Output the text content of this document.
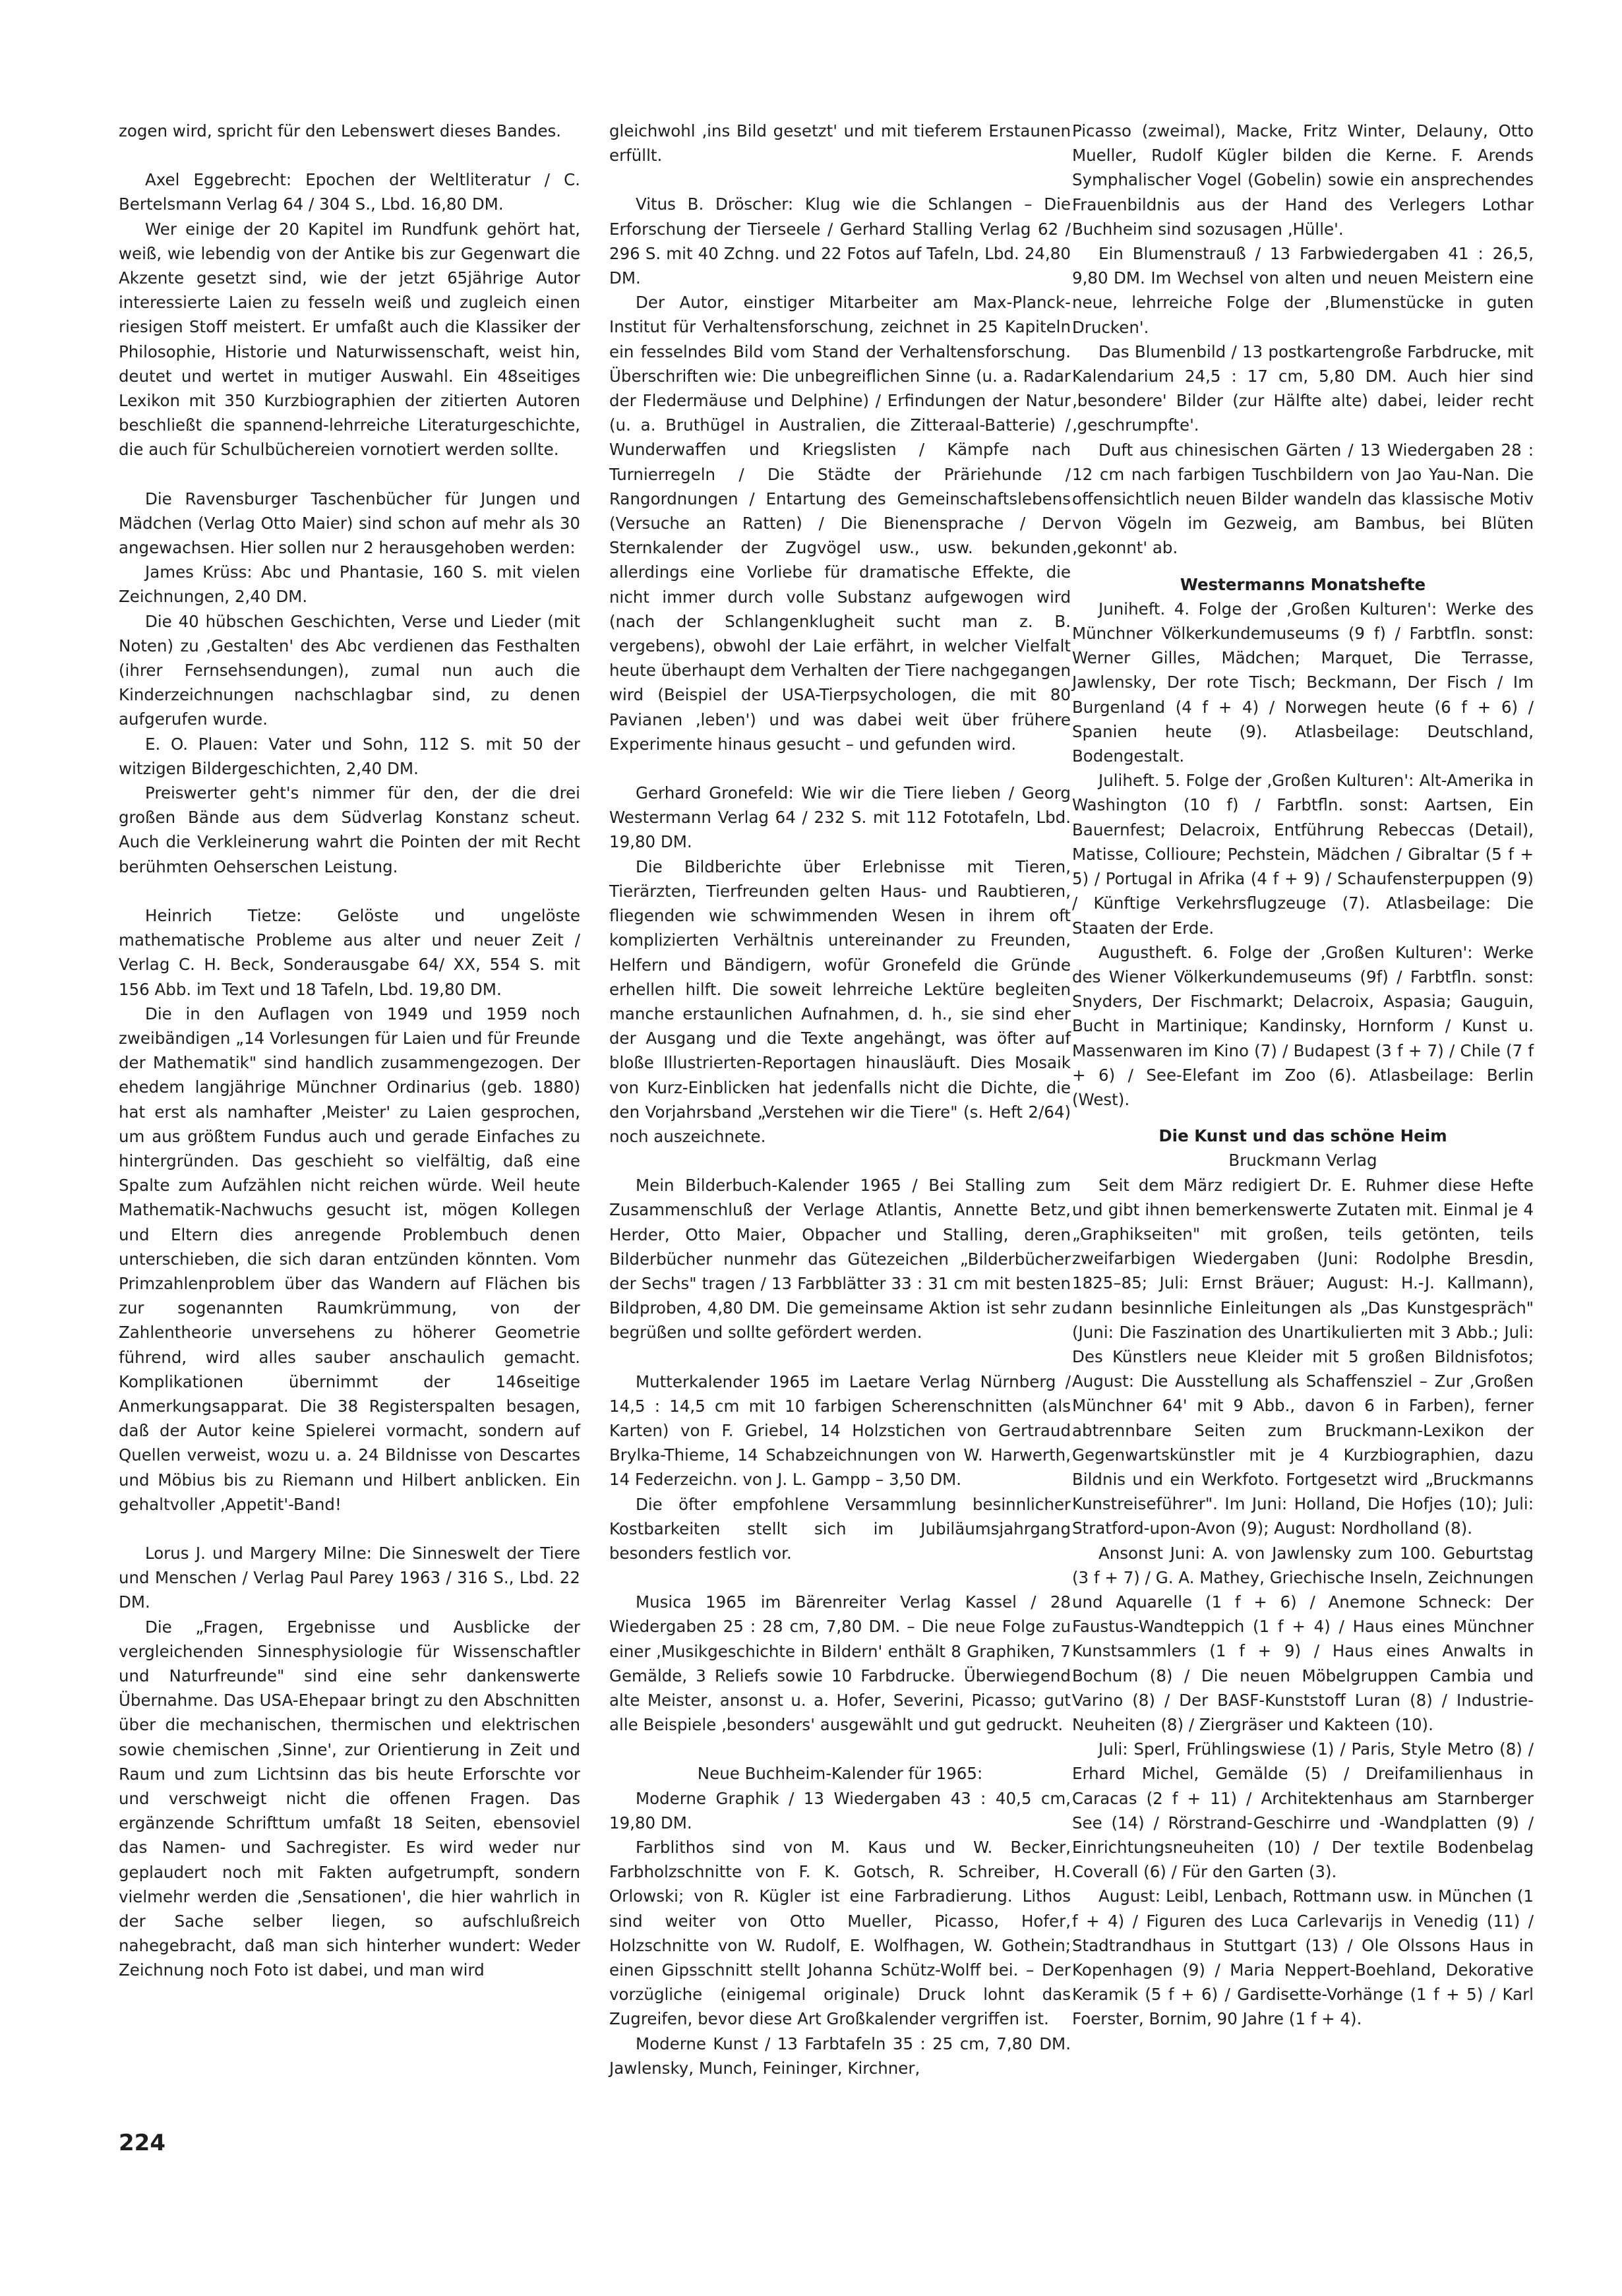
zogen wird, spricht für den Lebenswert dieses Bandes.

Axel Eggebrecht: Epochen der Weltliteratur / C. Bertelsmann Verlag 64 / 304 S., Lbd. 16,80 DM.

Wer einige der 20 Kapitel im Rundfunk gehört hat, weiß, wie lebendig von der Antike bis zur Gegenwart die Akzente gesetzt sind, wie der jetzt 65jährige Autor interessierte Laien zu fesseln weiß und zugleich einen riesigen Stoff meistert. Er umfaßt auch die Klassiker der Philosophie, Historie und Naturwissenschaft, weist hin, deutet und wertet in mutiger Auswahl. Ein 48seitiges Lexikon mit 350 Kurzbiographien der zitierten Autoren beschließt die spannend-lehrreiche Literaturgeschichte, die auch für Schulbüchereien vornotiert werden sollte.

Die Ravensburger Taschenbücher für Jungen und Mädchen (Verlag Otto Maier) sind schon auf mehr als 30 angewachsen. Hier sollen nur 2 herausgehoben werden:

James Krüss: Abc und Phantasie, 160 S. mit vielen Zeichnungen, 2,40 DM.

Die 40 hübschen Geschichten, Verse und Lieder (mit Noten) zu ‚Gestalten' des Abc verdienen das Festhalten (ihrer Fernsehsendungen), zumal nun auch die Kinderzeichnungen nachschlagbar sind, zu denen aufgerufen wurde.

E. O. Plauen: Vater und Sohn, 112 S. mit 50 der witzigen Bildergeschichten, 2,40 DM.

Preiswerter geht's nimmer für den, der die drei großen Bände aus dem Südverlag Konstanz scheut. Auch die Verkleinerung wahrt die Pointen der mit Recht berühmten Oehserschen Leistung.

Heinrich Tietze: Gelöste und ungelöste mathematische Probleme aus alter und neuer Zeit / Verlag C. H. Beck, Sonderausgabe 64/ XX, 554 S. mit 156 Abb. im Text und 18 Tafeln, Lbd. 19,80 DM.

Die in den Auflagen von 1949 und 1959 noch zweibändigen „14 Vorlesungen für Laien und für Freunde der Mathematik" sind handlich zusammengezogen. Der ehedem langjährige Münchner Ordinarius (geb. 1880) hat erst als namhafter ‚Meister' zu Laien gesprochen, um aus größtem Fundus auch und gerade Einfaches zu hintergründen. Das geschieht so vielfältig, daß eine Spalte zum Aufzählen nicht reichen würde. Weil heute Mathematik-Nachwuchs gesucht ist, mögen Kollegen und Eltern dies anregende Problembuch denen unterschieben, die sich daran entzünden könnten. Vom Primzahlenproblem über das Wandern auf Flächen bis zur sogenannten Raumkrümmung, von der Zahlentheorie unversehens zu höherer Geometrie führend, wird alles sauber anschaulich gemacht. Komplikationen übernimmt der 146seitige Anmerkungsapparat. Die 38 Registerspalten besagen, daß der Autor keine Spielerei vormacht, sondern auf Quellen verweist, wozu u. a. 24 Bildnisse von Descartes und Möbius bis zu Riemann und Hilbert anblicken. Ein gehaltvoller ‚Appetit'-Band!

Lorus J. und Margery Milne: Die Sinneswelt der Tiere und Menschen / Verlag Paul Parey 1963 / 316 S., Lbd. 22 DM.

Die „Fragen, Ergebnisse und Ausblicke der vergleichenden Sinnesphysiologie für Wissenschaftler und Naturfreunde" sind eine sehr dankenswerte Übernahme. Das USA-Ehepaar bringt zu den Abschnitten über die mechanischen, thermischen und elektrischen sowie chemischen ‚Sinne', zur Orientierung in Zeit und Raum und zum Lichtsinn das bis heute Erforschte vor und verschweigt nicht die offenen Fragen. Das ergänzende Schrifttum umfaßt 18 Seiten, ebensoviel das Namen- und Sachregister. Es wird weder nur geplaudert noch mit Fakten aufgetrumpft, sondern vielmehr werden die ‚Sensationen', die hier wahrlich in der Sache selber liegen, so aufschlußreich nahegebracht, daß man sich hinterher wundert: Weder Zeichnung noch Foto ist dabei, und man wird

gleichwohl ‚ins Bild gesetzt' und mit tieferem Erstaunen erfüllt.

Vitus B. Dröscher: Klug wie die Schlangen – Die Erforschung der Tierseele / Gerhard Stalling Verlag 62 / 296 S. mit 40 Zchng. und 22 Fotos auf Tafeln, Lbd. 24,80 DM.

Der Autor, einstiger Mitarbeiter am Max-Planck-Institut für Verhaltensforschung, zeichnet in 25 Kapiteln ein fesselndes Bild vom Stand der Verhaltensforschung. Überschriften wie: Die unbegreiflichen Sinne (u. a. Radar der Fledermäuse und Delphine) / Erfindungen der Natur (u. a. Bruthügel in Australien, die Zitteraal-Batterie) / Wunderwaffen und Kriegslisten / Kämpfe nach Turnierregeln / Die Städte der Präriehunde / Rangordnungen / Entartung des Gemeinschaftslebens (Versuche an Ratten) / Die Bienensprache / Der Sternkalender der Zugvögel usw., usw. bekunden allerdings eine Vorliebe für dramatische Effekte, die nicht immer durch volle Substanz aufgewogen wird (nach der Schlangenklugheit sucht man z. B. vergebens), obwohl der Laie erfährt, in welcher Vielfalt heute überhaupt dem Verhalten der Tiere nachgegangen wird (Beispiel der USA-Tierpsychologen, die mit 80 Pavianen ‚leben') und was dabei weit über frühere Experimente hinaus gesucht – und gefunden wird.

Gerhard Gronefeld: Wie wir die Tiere lieben / Georg Westermann Verlag 64 / 232 S. mit 112 Fototafeln, Lbd. 19,80 DM.

Die Bildberichte über Erlebnisse mit Tieren, Tierärzten, Tierfreunden gelten Haus- und Raubtieren, fliegenden wie schwimmenden Wesen in ihrem oft komplizierten Verhältnis untereinander zu Freunden, Helfern und Bändigern, wofür Gronefeld die Gründe erhellen hilft. Die soweit lehrreiche Lektüre begleiten manche erstaunlichen Aufnahmen, d. h., sie sind eher der Ausgang und die Texte angehängt, was öfter auf bloße Illustrierten-Reportagen hinausläuft. Dies Mosaik von Kurz-Einblicken hat jedenfalls nicht die Dichte, die den Vorjahrsband „Verstehen wir die Tiere" (s. Heft 2/64) noch auszeichnete.

Mein Bilderbuch-Kalender 1965 / Bei Stalling zum Zusammenschluß der Verlage Atlantis, Annette Betz, Herder, Otto Maier, Obpacher und Stalling, deren Bilderbücher nunmehr das Gütezeichen „Bilderbücher der Sechs" tragen / 13 Farbblätter 33 : 31 cm mit besten Bildproben, 4,80 DM. Die gemeinsame Aktion ist sehr zu begrüßen und sollte gefördert werden.

Mutterkalender 1965 im Laetare Verlag Nürnberg / 14,5 : 14,5 cm mit 10 farbigen Scherenschnitten (als Karten) von F. Griebel, 14 Holzstichen von Gertraud Brylka-Thieme, 14 Schabzeichnungen von W. Harwerth, 14 Federzeichn. von J. L. Gampp – 3,50 DM.

Die öfter empfohlene Versammlung besinnlicher Kostbarkeiten stellt sich im Jubiläumsjahrgang besonders festlich vor.

Musica 1965 im Bärenreiter Verlag Kassel / 28 Wiedergaben 25 : 28 cm, 7,80 DM. – Die neue Folge zu einer ‚Musikgeschichte in Bildern' enthält 8 Graphiken, 7 Gemälde, 3 Reliefs sowie 10 Farbdrucke. Überwiegend alte Meister, ansonst u. a. Hofer, Severini, Picasso; gut alle Beispiele ‚besonders' ausgewählt und gut gedruckt.

Neue Buchheim-Kalender für 1965:

Moderne Graphik / 13 Wiedergaben 43 : 40,5 cm, 19,80 DM.

Farblithos sind von M. Kaus und W. Becker, Farbholzschnitte von F. K. Gotsch, R. Schreiber, H. Orlowski; von R. Kügler ist eine Farbradierung. Lithos sind weiter von Otto Mueller, Picasso, Hofer, Holzschnitte von W. Rudolf, E. Wolfhagen, W. Gothein; einen Gipsschnitt stellt Johanna Schütz-Wolff bei. – Der vorzügliche (einigemal originale) Druck lohnt das Zugreifen, bevor diese Art Großkalender vergriffen ist.

Moderne Kunst / 13 Farbtafeln 35 : 25 cm, 7,80 DM. Jawlensky, Munch, Feininger, Kirchner,

Picasso (zweimal), Macke, Fritz Winter, Delauny, Otto Mueller, Rudolf Kügler bilden die Kerne. F. Arends Symphalischer Vogel (Gobelin) sowie ein ansprechendes Frauenbildnis aus der Hand des Verlegers Lothar Buchheim sind sozusagen ‚Hülle'.

Ein Blumenstrauß / 13 Farbwiedergaben 41 : 26,5, 9,80 DM. Im Wechsel von alten und neuen Meistern eine neue, lehrreiche Folge der ‚Blumenstücke in guten Drucken'.

Das Blumenbild / 13 postkartengroße Farbdrucke, mit Kalendarium 24,5 : 17 cm, 5,80 DM. Auch hier sind ‚besondere' Bilder (zur Hälfte alte) dabei, leider recht ‚geschrumpfte'.

Duft aus chinesischen Gärten / 13 Wiedergaben 28 : 12 cm nach farbigen Tuschbildern von Jao Yau-Nan. Die offensichtlich neuen Bilder wandeln das klassische Motiv von Vögeln im Gezweig, am Bambus, bei Blüten ‚gekonnt' ab.

Westermanns Monatshefte

Juniheft. 4. Folge der ‚Großen Kulturen': Werke des Münchner Völkerkundemuseums (9 f) / Farbtfln. sonst: Werner Gilles, Mädchen; Marquet, Die Terrasse, Jawlensky, Der rote Tisch; Beckmann, Der Fisch / Im Burgenland (4 f + 4) / Norwegen heute (6 f + 6) / Spanien heute (9). Atlasbeilage: Deutschland, Bodengestalt.

Juliheft. 5. Folge der ‚Großen Kulturen': Alt-Amerika in Washington (10 f) / Farbtfln. sonst: Aartsen, Ein Bauernfest; Delacroix, Entführung Rebeccas (Detail), Matisse, Collioure; Pechstein, Mädchen / Gibraltar (5 f + 5) / Portugal in Afrika (4 f + 9) / Schaufensterpuppen (9) / Künftige Verkehrsflugzeuge (7). Atlasbeilage: Die Staaten der Erde.

Augustheft. 6. Folge der ‚Großen Kulturen': Werke des Wiener Völkerkundemuseums (9f) / Farbtfln. sonst: Snyders, Der Fischmarkt; Delacroix, Aspasia; Gauguin, Bucht in Martinique; Kandinsky, Hornform / Kunst u. Massenwaren im Kino (7) / Budapest (3 f + 7) / Chile (7 f + 6) / See-Elefant im Zoo (6). Atlasbeilage: Berlin (West).

Die Kunst und das schöne Heim

Bruckmann Verlag

Seit dem März redigiert Dr. E. Ruhmer diese Hefte und gibt ihnen bemerkenswerte Zutaten mit. Einmal je 4 „Graphikseiten" mit großen, teils getönten, teils zweifarbigen Wiedergaben (Juni: Rodolphe Bresdin, 1825–85; Juli: Ernst Bräuer; August: H.-J. Kallmann), dann besinnliche Einleitungen als „Das Kunstgespräch" (Juni: Die Faszination des Unartikulierten mit 3 Abb.; Juli: Des Künstlers neue Kleider mit 5 großen Bildnisfotos; August: Die Ausstellung als Schaffensziel – Zur ‚Großen Münchner 64' mit 9 Abb., davon 6 in Farben), ferner abtrennbare Seiten zum Bruckmann-Lexikon der Gegenwartskünstler mit je 4 Kurzbiographien, dazu Bildnis und ein Werkfoto. Fortgesetzt wird „Bruckmanns Kunstreiseführer". Im Juni: Holland, Die Hofjes (10); Juli: Stratford-upon-Avon (9); August: Nordholland (8).

Ansonst Juni: A. von Jawlensky zum 100. Geburtstag (3 f + 7) / G. A. Mathey, Griechische Inseln, Zeichnungen und Aquarelle (1 f + 6) / Anemone Schneck: Der Faustus-Wandteppich (1 f + 4) / Haus eines Münchner Kunstsammlers (1 f + 9) / Haus eines Anwalts in Bochum (8) / Die neuen Möbelgruppen Cambia und Varino (8) / Der BASF-Kunststoff Luran (8) / Industrie-Neuheiten (8) / Ziergräser und Kakteen (10).

Juli: Sperl, Frühlingswiese (1) / Paris, Style Metro (8) / Erhard Michel, Gemälde (5) / Dreifamilienhaus in Caracas (2 f + 11) / Architektenhaus am Starnberger See (14) / Rörstrand-Geschirre und -Wandplatten (9) / Einrichtungsneuheiten (10) / Der textile Bodenbelag Coverall (6) / Für den Garten (3).

August: Leibl, Lenbach, Rottmann usw. in München (1 f + 4) / Figuren des Luca Carlevarijs in Venedig (11) / Stadtrandhaus in Stuttgart (13) / Ole Olssons Haus in Kopenhagen (9) / Maria Neppert-Boehland, Dekorative Keramik (5 f + 6) / Gardisette-Vorhänge (1 f + 5) / Karl Foerster, Bornim, 90 Jahre (1 f + 4).

224
